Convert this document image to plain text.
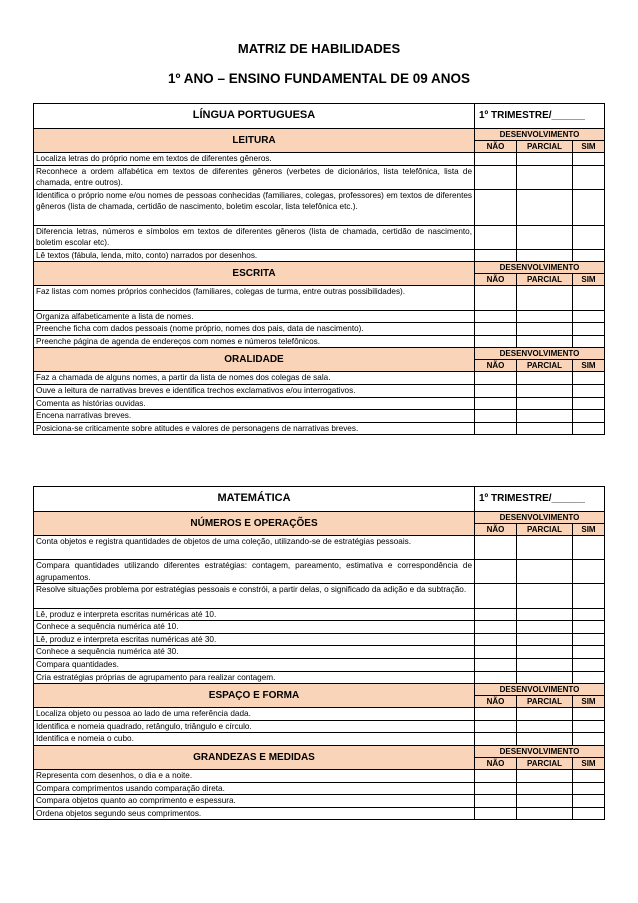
MATRIZ DE HABILIDADES
1º ANO – ENSINO FUNDAMENTAL DE 09 ANOS
LÍNGUA PORTUGUESA	1º TRIMESTRE/______		
LEITURA	DESENVOLVIMENTO		
	NÃO	PARCIAL	SIM
Localiza letras do próprio nome em textos de diferentes gêneros.			
Reconhece a ordem alfabética em textos de diferentes gêneros (verbetes de dicionários, lista telefônica, lista de chamada, entre outros).			
Identifica o próprio nome e/ou nomes de pessoas conhecidas (familiares, colegas, professores) em textos de diferentes gêneros (lista de chamada, certidão de nascimento, boletim escolar, lista telefônica etc.).			
Diferencia letras, números e símbolos em textos de diferentes gêneros (lista de chamada, certidão de nascimento, boletim escolar etc).			
Lê textos (fábula, lenda, mito, conto) narrados por desenhos.			
ESCRITA	DESENVOLVIMENTO		
	NÃO	PARCIAL	SIM
Faz listas com nomes próprios conhecidos (familiares, colegas de turma, entre outras possibilidades).			
Organiza alfabeticamente a lista de nomes.			
Preenche ficha com dados pessoais (nome próprio, nomes dos pais, data de nascimento).			
Preenche página de agenda de endereços com nomes e números telefônicos.			
ORALIDADE	DESENVOLVIMENTO		
	NÃO	PARCIAL	SIM
Faz a chamada de alguns nomes, a partir da lista de nomes dos colegas de sala.			
Ouve a leitura de narrativas breves e identifica trechos exclamativos e/ou interrogativos.			
Comenta as histórias ouvidas.			
Encena narrativas breves.			
Posiciona-se criticamente sobre atitudes e valores de personagens de narrativas breves.			
MATEMÁTICA	1º TRIMESTRE/______		
NÚMEROS E OPERAÇÕES	DESENVOLVIMENTO		
	NÃO	PARCIAL	SIM
Conta objetos e registra quantidades de objetos de uma coleção, utilizando-se de estratégias pessoais.			
Compara quantidades utilizando diferentes estratégias: contagem, pareamento, estimativa e correspondência de agrupamentos.			
Resolve situações problema por estratégias pessoais e constrói, a partir delas, o significado da adição e da subtração.			
Lê, produz e interpreta escritas numéricas até 10.			
Conhece a sequência numérica até 10.			
Lê, produz e interpreta escritas numéricas até 30.			
Conhece a sequência numérica até 30.			
Compara quantidades.			
Cria estratégias próprias de agrupamento para realizar contagem.			
ESPAÇO E FORMA	DESENVOLVIMENTO		
	NÃO	PARCIAL	SIM
Localiza objeto ou pessoa ao lado de uma referência dada.			
Identifica e nomeia quadrado, retângulo, triângulo e círculo.			
Identifica e nomeia o cubo.			
GRANDEZAS E MEDIDAS	DESENVOLVIMENTO		
	NÃO	PARCIAL	SIM
Representa com desenhos, o dia e a noite.			
Compara comprimentos usando comparação direta.			
Compara objetos quanto ao comprimento e espessura.			
Ordena objetos segundo seus comprimentos.			
